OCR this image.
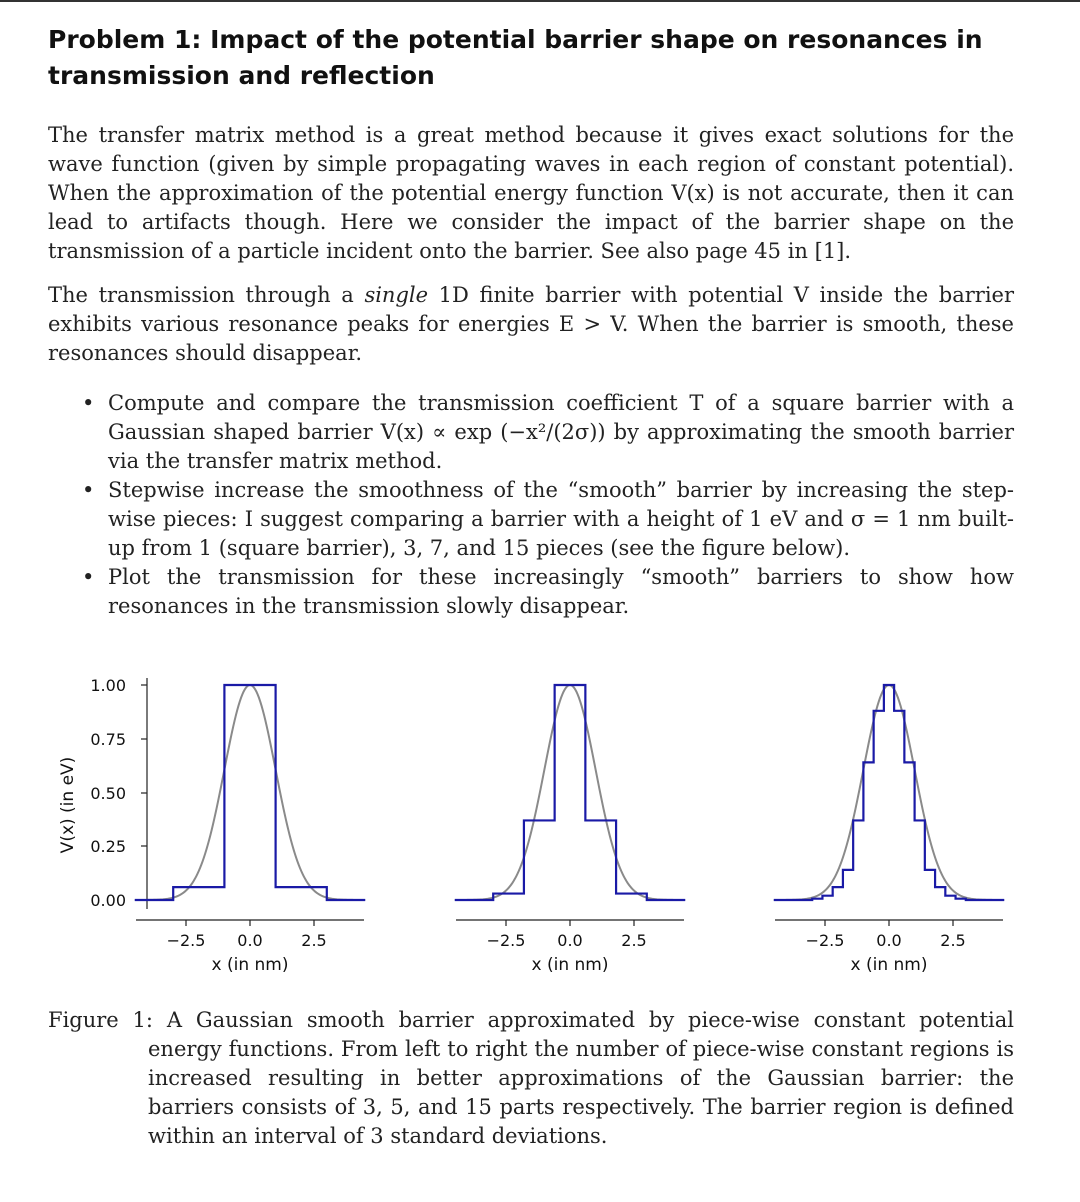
Problem 1: Impact of the potential barrier shape on resonances in transmission and reflection

The transfer matrix method is a great method because it gives exact solutions for the wave function (given by simple propagating waves in each region of constant potential). When the approximation of the potential energy function V(x) is not accurate, then it can lead to artifacts though. Here we consider the impact of the barrier shape on the transmission of a particle incident onto the barrier. See also page 45 in [1].

The transmission through a single 1D finite barrier with potential V inside the barrier exhibits various resonance peaks for energies E > V. When the barrier is smooth, these resonances should disappear.

• Compute and compare the transmission coefficient T of a square barrier with a Gaussian shaped barrier V(x) ∝ exp (−x²/(2σ)) by approximating the smooth barrier via the transfer matrix method.
• Stepwise increase the smoothness of the “smooth” barrier by increasing the step-wise pieces: I suggest comparing a barrier with a height of 1 eV and σ = 1 nm built-up from 1 (square barrier), 3, 7, and 15 pieces (see the figure below).
• Plot the transmission for these increasingly “smooth” barriers to show how resonances in the transmission slowly disappear.
V(x) (in eV)
1.00
0.75
0.50
0.25
0.00
−2.5 0.0 2.5
x (in nm)
−2.5 0.0 2.5
x (in nm)
−2.5 0.0 2.5
x (in nm)

Figure 1: A Gaussian smooth barrier approximated by piece-wise constant potential energy functions. From left to right the number of piece-wise constant regions is increased resulting in better approximations of the Gaussian barrier: the barriers consists of 3, 5, and 15 parts respectively. The barrier region is defined within an interval of 3 standard deviations.
